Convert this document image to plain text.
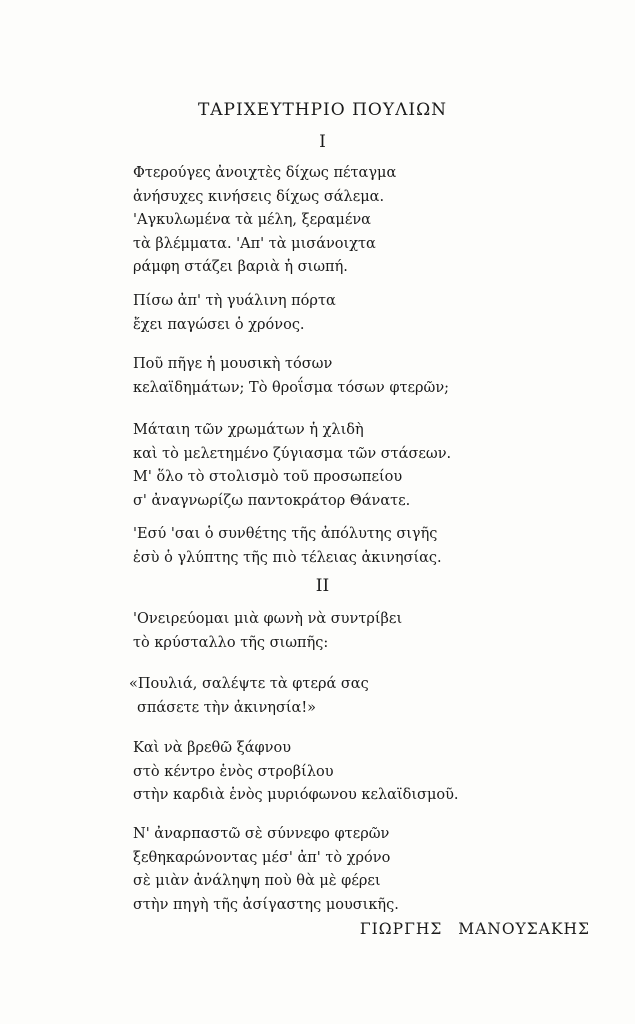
ΤΑΡΙΧΕΥΤΗΡΙΟ ΠΟΥΛΙΩΝ
I
Φτερούγες ἀνοιχτὲς δίχως πέταγμα
ἀνήσυχες κινήσεις δίχως σάλεμα.
'Αγκυλωμένα τὰ μέλη, ξεραμένα
τὰ βλέμματα. 'Απ' τὰ μισάνοιχτα
ράμφη στάζει βαριὰ ἡ σιωπή.
Πίσω ἀπ' τὴ γυάλινη πόρτα
ἔχει παγώσει ὁ χρόνος.
Ποῦ πῆγε ἡ μουσικὴ τόσων
κελαϊδημάτων; Τὸ θροΐσμα τόσων φτερῶν;
Μάταιη τῶν χρωμάτων ἡ χλιδὴ
καὶ τὸ μελετημένο ζύγιασμα τῶν στάσεων.
Μ' ὅλο τὸ στολισμὸ τοῦ προσωπείου
σ' ἀναγνωρίζω παντοκράτορ Θάνατε.
'Εσύ 'σαι ὁ συνθέτης τῆς ἀπόλυτης σιγῆς
ἐσὺ ὁ γλύπτης τῆς πιὸ τέλειας ἀκινησίας.
'Ονειρεύομαι μιὰ φωνὴ νὰ συντρίβει
τὸ κρύσταλλο τῆς σιωπῆς:
«Πουλιά, σαλέψτε τὰ φτερά σας
σπάσετε τὴν ἀκινησία!»
Καὶ νὰ βρεθῶ ξάφνου
στὸ κέντρο ἑνὸς στροβίλου
στὴν καρδιὰ ἑνὸς μυριόφωνου κελαϊδισμοῦ.
Ν' ἀναρπαστῶ σὲ σύννεφο φτερῶν
ξεθηκαρώνοντας μέσ' ἀπ' τὸ χρόνο
σὲ μιὰν ἀνάληψη ποὺ θὰ μὲ φέρει
στὴν πηγὴ τῆς ἀσίγαστης μουσικῆς.
II
ΓΙΩΡΓΗΣ ΜΑΝΟΥΣΑΚΗΣ
